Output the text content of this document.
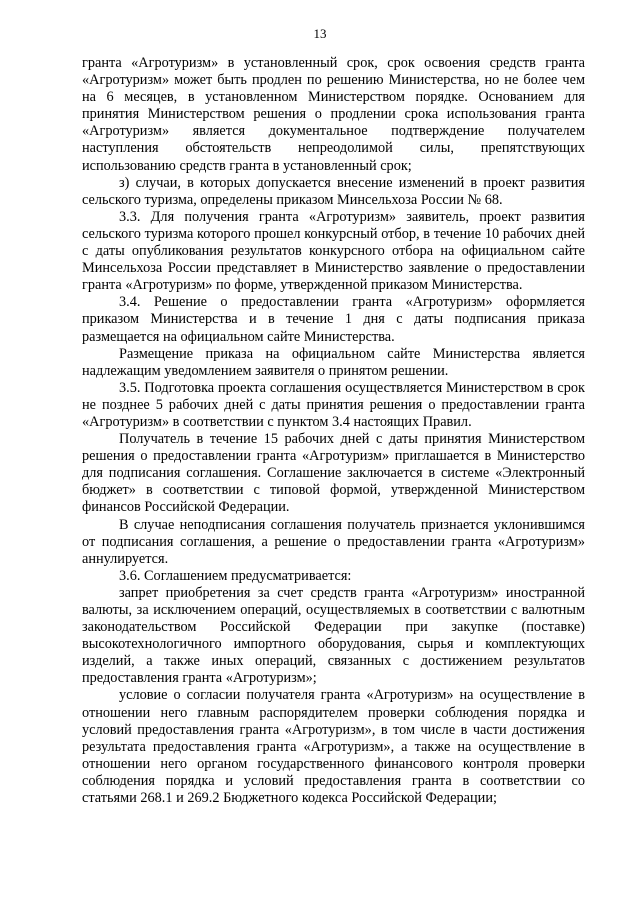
13

гранта «Агротуризм» в установленный срок, срок освоения средств гранта «Агротуризм» может быть продлен по решению Министерства, но не более чем на 6 месяцев, в установленном Министерством порядке. Основанием для принятия Министерством решения о продлении срока использования гранта «Агротуризм» является документальное подтверждение получателем наступления обстоятельств непреодолимой силы, препятствующих использованию средств гранта в установленный срок;

з) случаи, в которых допускается внесение изменений в проект развития сельского туризма, определены приказом Минсельхоза России № 68.

3.3. Для получения гранта «Агротуризм» заявитель, проект развития сельского туризма которого прошел конкурсный отбор, в течение 10 рабочих дней с даты опубликования результатов конкурсного отбора на официальном сайте Минсельхоза России представляет в Министерство заявление о предоставлении гранта «Агротуризм» по форме, утвержденной приказом Министерства.

3.4. Решение о предоставлении гранта «Агротуризм» оформляется приказом Министерства и в течение 1 дня с даты подписания приказа размещается на официальном сайте Министерства.

Размещение приказа на официальном сайте Министерства является надлежащим уведомлением заявителя о принятом решении.

3.5. Подготовка проекта соглашения осуществляется Министерством в срок не позднее 5 рабочих дней с даты принятия решения о предоставлении гранта «Агротуризм» в соответствии с пунктом 3.4 настоящих Правил.

Получатель в течение 15 рабочих дней с даты принятия Министерством решения о предоставлении гранта «Агротуризм» приглашается в Министерство для подписания соглашения. Соглашение заключается в системе «Электронный бюджет» в соответствии с типовой формой, утвержденной Министерством финансов Российской Федерации.

В случае неподписания соглашения получатель признается уклонившимся от подписания соглашения, а решение о предоставлении гранта «Агротуризм» аннулируется.

3.6. Соглашением предусматривается:

запрет приобретения за счет средств гранта «Агротуризм» иностранной валюты, за исключением операций, осуществляемых в соответствии с валютным законодательством Российской Федерации при закупке (поставке) высокотехнологичного импортного оборудования, сырья и комплектующих изделий, а также иных операций, связанных с достижением результатов предоставления гранта «Агротуризм»;

условие о согласии получателя гранта «Агротуризм» на осуществление в отношении него главным распорядителем проверки соблюдения порядка и условий предоставления гранта «Агротуризм», в том числе в части достижения результата предоставления гранта «Агротуризм», а также на осуществление в отношении него органом государственного финансового контроля проверки соблюдения порядка и условий предоставления гранта в соответствии со статьями 268.1 и 269.2 Бюджетного кодекса Российской Федерации;
